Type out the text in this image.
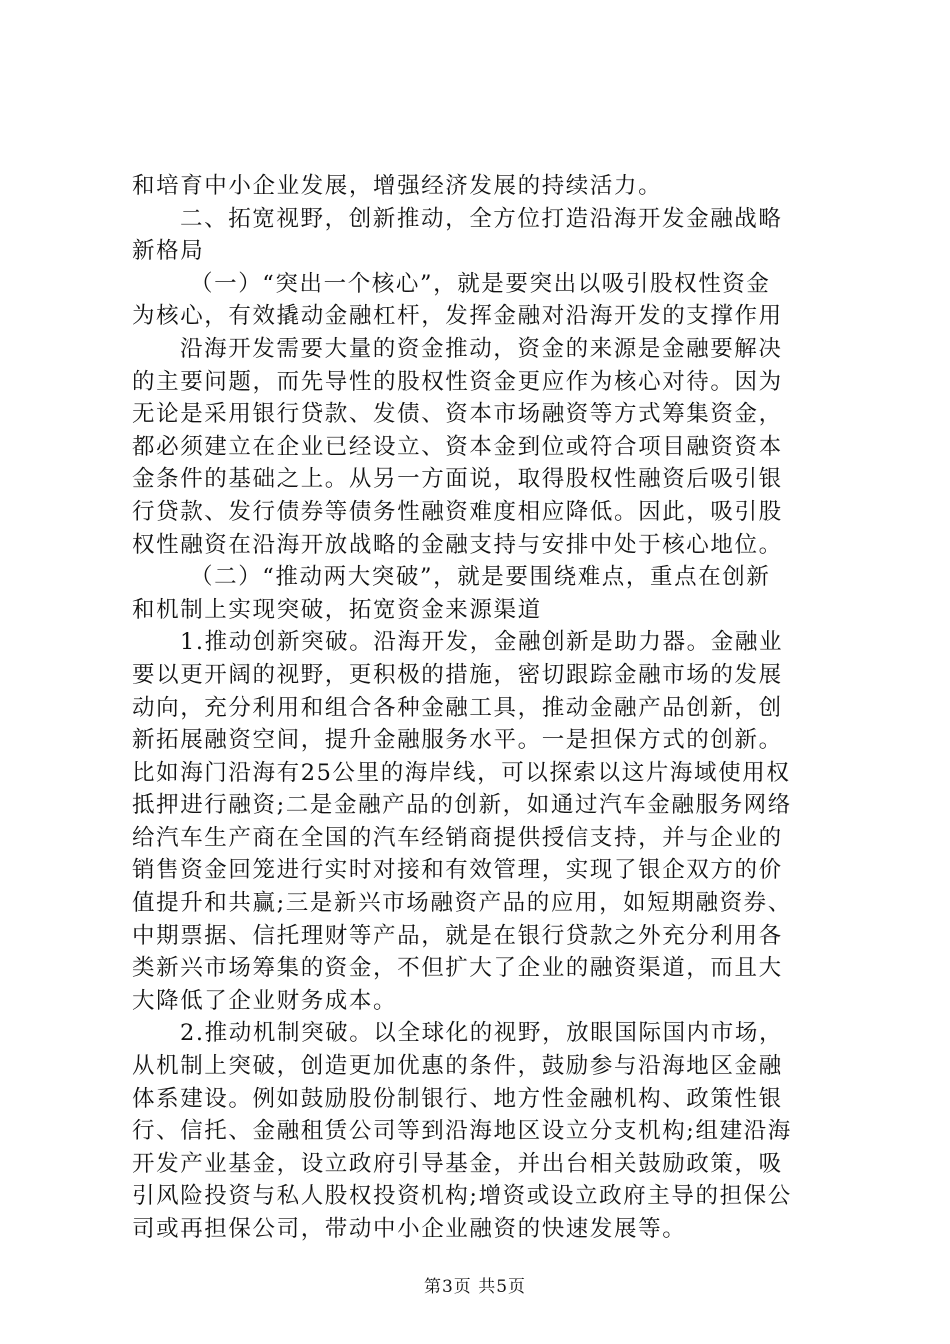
和培育中小企业发展，增强经济发展的持续活力。
二、拓宽视野，创新推动，全方位打造沿海开发金融战略
新格局
（一）“突出一个核心”，就是要突出以吸引股权性资金
为核心，有效撬动金融杠杆，发挥金融对沿海开发的支撑作用
沿海开发需要大量的资金推动，资金的来源是金融要解决
的主要问题，而先导性的股权性资金更应作为核心对待。因为
无论是采用银行贷款、发债、资本市场融资等方式筹集资金，
都必须建立在企业已经设立、资本金到位或符合项目融资资本
金条件的基础之上。从另一方面说，取得股权性融资后吸引银
行贷款、发行债券等债务性融资难度相应降低。因此，吸引股
权性融资在沿海开放战略的金融支持与安排中处于核心地位。
（二）“推动两大突破”，就是要围绕难点，重点在创新
和机制上实现突破，拓宽资金来源渠道
1.推动创新突破。沿海开发，金融创新是助力器。金融业
要以更开阔的视野，更积极的措施，密切跟踪金融市场的发展
动向，充分利用和组合各种金融工具，推动金融产品创新，创
新拓展融资空间，提升金融服务水平。一是担保方式的创新。
比如海门沿海有25公里的海岸线，可以探索以这片海域使用权
抵押进行融资;二是金融产品的创新，如通过汽车金融服务网络
给汽车生产商在全国的汽车经销商提供授信支持，并与企业的
销售资金回笼进行实时对接和有效管理，实现了银企双方的价
值提升和共赢;三是新兴市场融资产品的应用，如短期融资券、
中期票据、信托理财等产品，就是在银行贷款之外充分利用各
类新兴市场筹集的资金，不但扩大了企业的融资渠道，而且大
大降低了企业财务成本。
2.推动机制突破。以全球化的视野，放眼国际国内市场，
从机制上突破，创造更加优惠的条件，鼓励参与沿海地区金融
体系建设。例如鼓励股份制银行、地方性金融机构、政策性银
行、信托、金融租赁公司等到沿海地区设立分支机构;组建沿海
开发产业基金，设立政府引导基金，并出台相关鼓励政策，吸
引风险投资与私人股权投资机构;增资或设立政府主导的担保公
司或再担保公司，带动中小企业融资的快速发展等。
第3页 共5页
